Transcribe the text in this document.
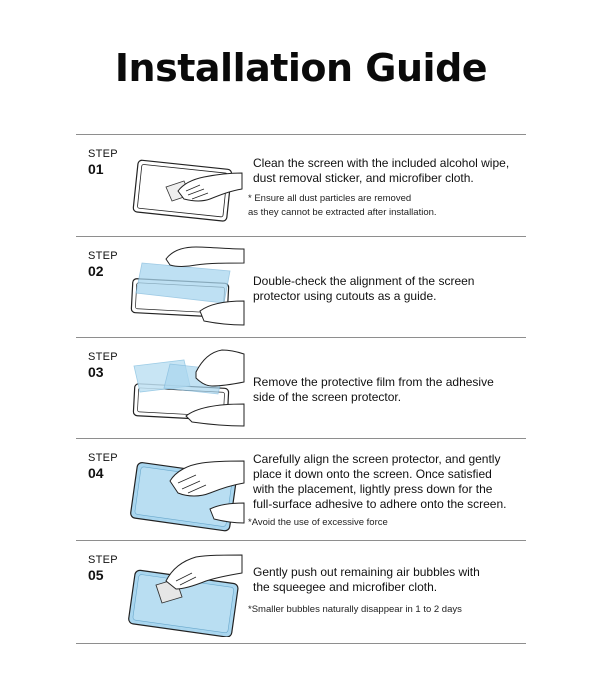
Installation Guide
STEP
01	Clean the screen with the included alcohol wipe,
dust removal sticker, and microfiber cloth.
* Ensure all dust particles are removed
as they cannot be extracted after installation.
STEP
02
Double-check the alignment of the screen
protector using cutouts as a guide.
STEP
03
Remove the protective film from the adhesive
side of the screen protector.
STEP
04
Carefully align the screen protector, and gently
place it down onto the screen. Once satisfied
with the placement, lightly press down for the
full-surface adhesive to adhere onto the screen.
*Avoid the use of excessive force
STEP
05	Gently push out remaining air bubbles with
the squeegee and microfiber cloth.
*Smaller bubbles naturally disappear in 1 to 2 days
